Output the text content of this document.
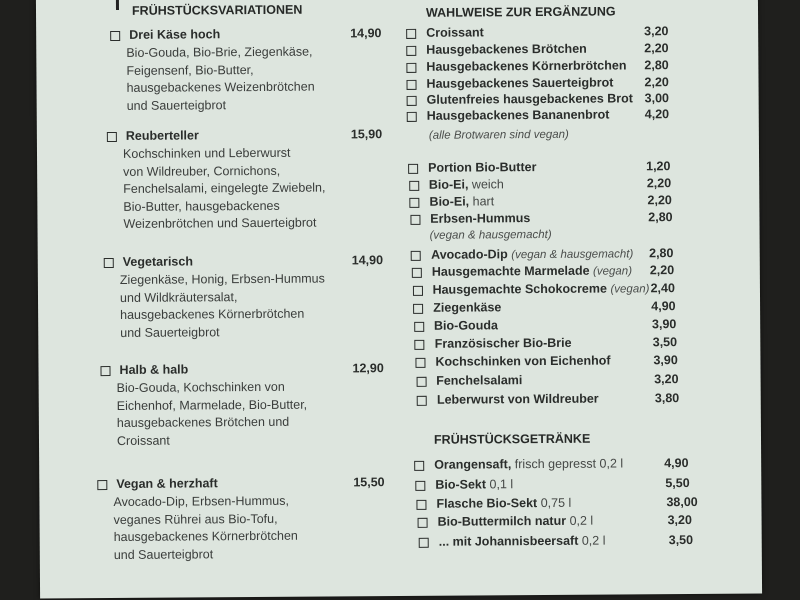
FRÜHSTÜCKSVARIATIONEN	WAHLWEISE ZUR ERGÄNZUNG
FRÜHSTÜCKSGETRÄNKE
(alle Brotwaren sind vegan)
Drei Käse hoch	14,90
Bio-Gouda, Bio-Brie, Ziegenkäse,
Feigensenf, Bio-Butter,
hausgebackenes Weizenbrötchen
und Sauerteigbrot
Reuberteller	15,90
Kochschinken und Leberwurst
von Wildreuber, Cornichons,
Fenchelsalami, eingelegte Zwiebeln,
Bio-Butter, hausgebackenes
Weizenbrötchen und Sauerteigbrot
Vegetarisch	14,90
Ziegenkäse, Honig, Erbsen-Hummus
und Wildkräutersalat,
hausgebackenes Körnerbrötchen
und Sauerteigbrot
Halb & halb	12,90
Bio-Gouda, Kochschinken von
Eichenhof, Marmelade, Bio-Butter,
hausgebackenes Brötchen und
Croissant
Vegan & herzhaft	15,50
Avocado-Dip, Erbsen-Hummus,
veganes Rührei aus Bio-Tofu,
hausgebackenes Körnerbrötchen
und Sauerteigbrot
Croissant	3,20
Hausgebackenes Brötchen	2,20
Hausgebackenes Körnerbrötchen 2,80
Hausgebackenes Sauerteigbrot 2,20
Glutenfreies hausgebackenes Brot 3,00
Hausgebackenes Bananenbrot	4,20
Portion Bio-Butter	1,20
Bio-Ei, weich	2,20
Bio-Ei, hart	2,20
Erbsen-Hummus	2,80
(vegan & hausgemacht)
Avocado-Dip (vegan & hausgemacht) 2,80
Hausgemachte Marmelade (vegan) 2,20
Hausgemachte Schokocreme (vegan) 2,40
Ziegenkäse	4,90
Bio-Gouda	3,90
Französischer Bio-Brie	3,50
Kochschinken von Eichenhof	3,90
Fenchelsalami	3,20
Leberwurst von Wildreuber	3,80
Orangensaft, frisch gepresst 0,2 l	4,90
Bio-Sekt 0,1 l	5,50
Flasche Bio-Sekt 0,75 l	38,00
Bio-Buttermilch natur 0,2 l	3,20
... mit Johannisbeersaft 0,2 l	3,50
